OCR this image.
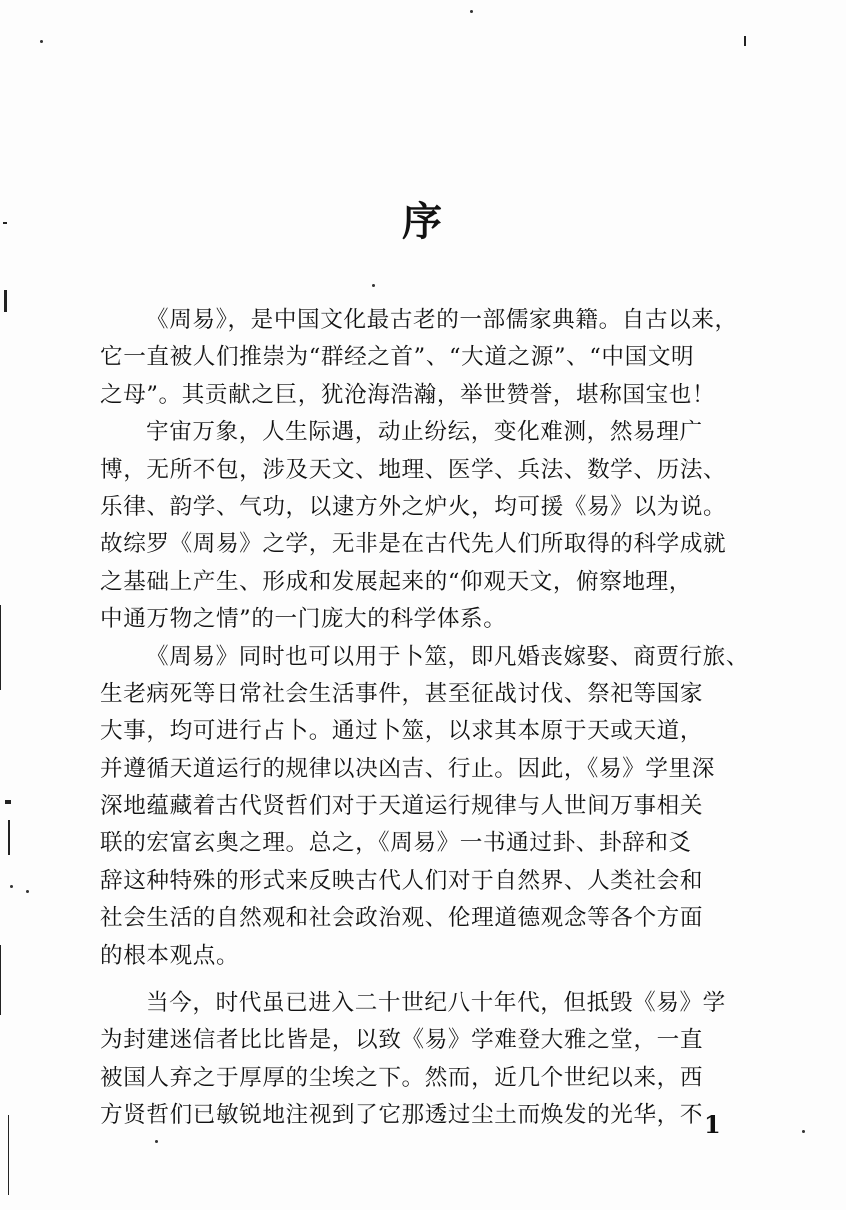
序
《周易》，是中国文化最古老的一部儒家典籍。自古以来，
它一直被人们推崇为“群经之首”、“大道之源”、“中国文明
之母”。其贡献之巨，犹沧海浩瀚，举世赞誉，堪称国宝也！
宇宙万象，人生际遇，动止纷纭，变化难测，然易理广
博，无所不包，涉及天文、地理、医学、兵法、数学、历法、
乐律、韵学、气功，以逮方外之炉火，均可援《易》以为说。
故综罗《周易》之学，无非是在古代先人们所取得的科学成就
之基础上产生、形成和发展起来的“仰观天文，俯察地理，
中通万物之情”的一门庞大的科学体系。
《周易》同时也可以用于卜筮，即凡婚丧嫁娶、商贾行旅、
生老病死等日常社会生活事件，甚至征战讨伐、祭祀等国家
大事，均可进行占卜。通过卜筮，以求其本原于天或天道，
并遵循天道运行的规律以决凶吉、行止。因此，《易》学里深
深地蕴藏着古代贤哲们对于天道运行规律与人世间万事相关
联的宏富玄奥之理。总之，《周易》一书通过卦、卦辞和爻
辞这种特殊的形式来反映古代人们对于自然界、人类社会和
社会生活的自然观和社会政治观、伦理道德观念等各个方面
的根本观点。
当今，时代虽已进入二十世纪八十年代，但抵毁《易》学
为封建迷信者比比皆是，以致《易》学难登大雅之堂，一直
被国人弃之于厚厚的尘埃之下。然而，近几个世纪以来，西
方贤哲们已敏锐地注视到了它那透过尘土而焕发的光华，不 1
